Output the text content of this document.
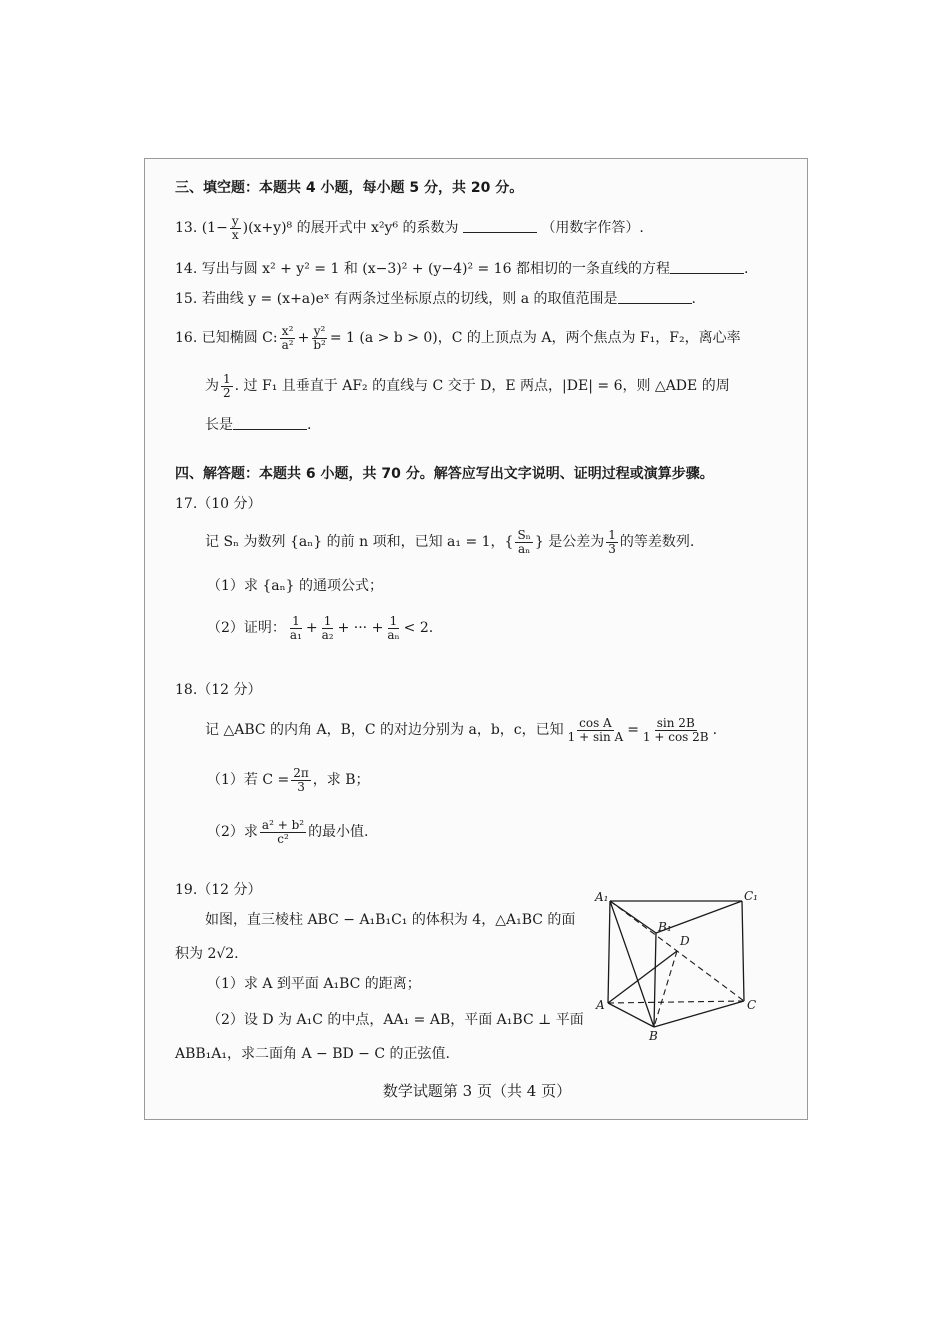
三、填空题：本题共 4 小题，每小题 5 分，共 20 分。
13. $(1- \frac{y}{x} )(x+y)^8$ 的展开式中 x²y⁶ 的系数为	（用数字作答）.
14. 写出与圆 x² + y² = 1 和 (x−3)² + (y−4)² = 16 都相切的一条直线的方程	.
15. 若曲线 y = (x+a)eˣ 有两条过坐标原点的切线，则 a 的取值范围是	.
16. 已知椭圆 C: $\frac{\text{x²}}{\text{a²}} + \frac{\text{y²}}{\text{b²}} = 1$ (a > b > 0)，C 的上顶点为 A，两个焦点为 F₁，F₂，离心率
为 $\frac{1}{2}$ . 过 F₁ 且垂直于 AF₂ 的直线与 C 交于 D，E 两点，|DE| = 6，则 △ADE 的周
长是	.
四、解答题：本题共 6 小题，共 70 分。解答应写出文字说明、证明过程或演算步骤。
17.（10 分）
记 Sₙ 为数列 {aₙ} 的前 n 项和，已知 a₁ = 1，{ $\frac{\text{Sₙ}}{\text{aₙ}}$ } 是公差为 $\frac{1}{3}$ 的等差数列.
（1）求 {aₙ} 的通项公式；
（2）证明： $\frac{1}{\text{a₁}} + \frac{1}{\text{a₂}}$ + ··· + $\frac{1}{\text{aₙ}} < 2$.
18.（12 分）
记 △ABC 的内角 A，B，C 的对边分别为 a，b，c，已知 $\frac{\text{cos A}}{\text{1 + sin A}} = \frac{\sin 2B}{1 + \cos 2B}$ .
（1）若 $C = \frac{2\pi}{3}$ ，求 B；
（2）求 $\frac{\text{a² + b²}}{\text{c²}}$ 的最小值.
19.（12 分）
如图，直三棱柱 ABC − A₁B₁C₁ 的体积为 4，△A₁BC 的面
积为 2√2.
（1）求 A 到平面 A₁BC 的距离；
（2）设 D 为 A₁C 的中点，AA₁ = AB，平面 A₁BC ⊥ 平面
ABB₁A₁，求二面角 A − BD − C 的正弦值.
A₁	C₁
B₁
D
A
B
C
数学试题第 3 页（共 4 页）
